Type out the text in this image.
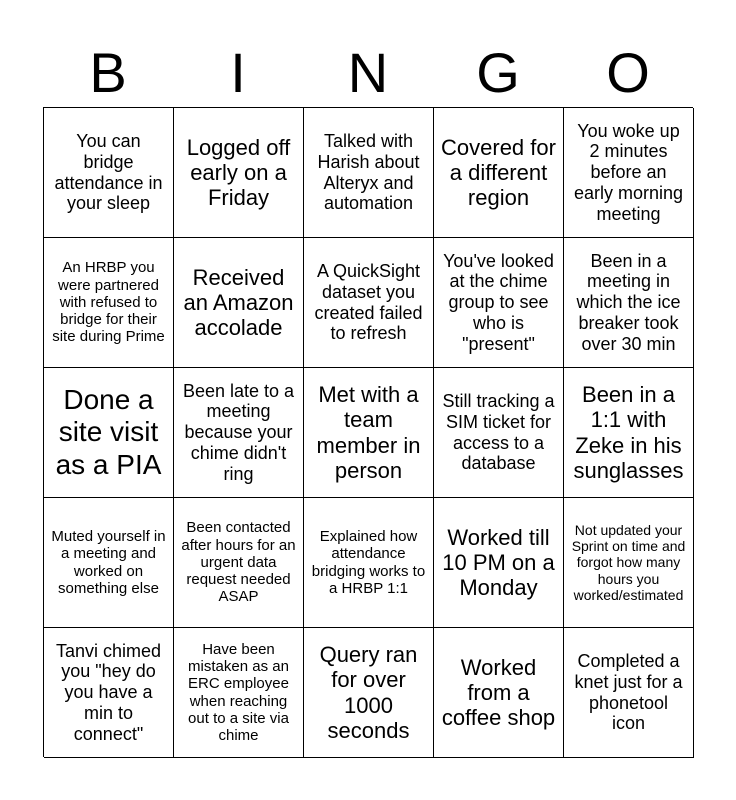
B	I	N	G	O
You can bridge attendance in your sleep
Logged off early on a Friday
Talked with Harish about Alteryx and automation
Covered for a different region
You woke up 2 minutes before an early morning meeting
An HRBP you were partnered with refused to bridge for their site during Prime
Received an Amazon accolade
A QuickSight dataset you created failed to refresh
You've looked at the chime group to see who is "present"
Been in a meeting in which the ice breaker took over 30 min
Done a site visit as a PIA
Been late to a meeting because your chime didn't ring
Met with a team member in person
Still tracking a SIM ticket for access to a database
Been in a 1:1 with Zeke in his sunglasses
Muted yourself in a meeting and worked on something else
Been contacted after hours for an urgent data request needed ASAP
Explained how attendance bridging works to a HRBP 1:1
Worked till 10 PM on a Monday
Not updated your Sprint on time and forgot how many hours you worked/estimated
Tanvi chimed you "hey do you have a min to connect"
Have been mistaken as an ERC employee when reaching out to a site via chime
Query ran for over 1000 seconds
Worked from a coffee shop
Completed a knet just for a phonetool icon
